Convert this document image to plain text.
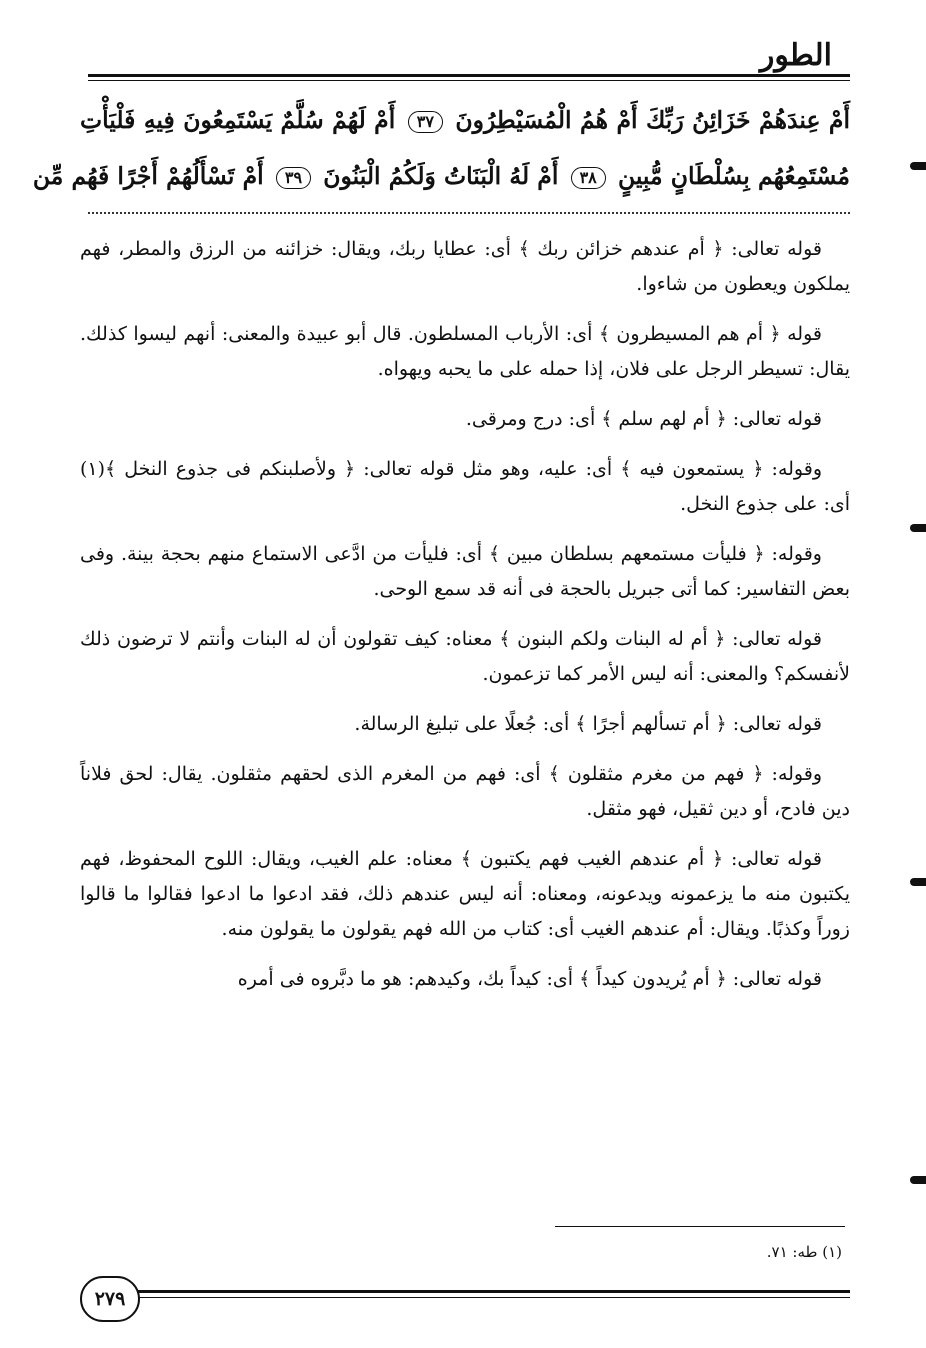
الطور
أَمْ عِندَهُمْ خَزَائِنُ رَبِّكَ أَمْ هُمُ الْمُسَيْطِرُونَ ٣٧ أَمْ لَهُمْ سُلَّمٌ يَسْتَمِعُونَ فِيهِ فَلْيَأْتِ
مُسْتَمِعُهُم بِسُلْطَانٍ مُّبِينٍ ٣٨ أَمْ لَهُ الْبَنَاتُ وَلَكُمُ الْبَنُونَ ٣٩ أَمْ تَسْأَلُهُمْ أَجْرًا فَهُم مِّن

قوله تعالى: ﴿ أم عندهم خزائن ربك ﴾ أى: عطايا ربك، ويقال: خزائنه من الرزق والمطر، فهم يملكون ويعطون من شاءوا.

قوله ﴿ أم هم المسيطرون ﴾ أى: الأرباب المسلطون. قال أبو عبيدة والمعنى: أنهم ليسوا كذلك. يقال: تسيطر الرجل على فلان، إذا حمله على ما يحبه ويهواه.

قوله تعالى: ﴿ أم لهم سلم ﴾ أى: درج ومرقى.

وقوله: ﴿ يستمعون فيه ﴾ أى: عليه، وهو مثل قوله تعالى: ﴿ ولأصلبنكم فى جذوع النخل ﴾(١) أى: على جذوع النخل.

وقوله: ﴿ فليأت مستمعهم بسلطان مبين ﴾ أى: فليأت من ادَّعى الاستماع منهم بحجة بينة. وفى بعض التفاسير: كما أتى جبريل بالحجة فى أنه قد سمع الوحى.

قوله تعالى: ﴿ أم له البنات ولكم البنون ﴾ معناه: كيف تقولون أن له البنات وأنتم لا ترضون ذلك لأنفسكم؟ والمعنى: أنه ليس الأمر كما تزعمون.

قوله تعالى: ﴿ أم تسألهم أجرًا ﴾ أى: جُعلًا على تبليغ الرسالة.

وقوله: ﴿ فهم من مغرم مثقلون ﴾ أى: فهم من المغرم الذى لحقهم مثقلون. يقال: لحق فلاناً دين فادح، أو دين ثقيل، فهو مثقل.

قوله تعالى: ﴿ أم عندهم الغيب فهم يكتبون ﴾ معناه: علم الغيب، ويقال: اللوح المحفوظ، فهم يكتبون منه ما يزعمونه ويدعونه، ومعناه: أنه ليس عندهم ذلك، فقد ادعوا ما ادعوا فقالوا ما قالوا زوراً وكذبًا. ويقال: أم عندهم الغيب أى: كتاب من الله فهم يقولون ما يقولون منه.

قوله تعالى: ﴿ أم يُريدون كيداً ﴾ أى: كيداً بك، وكيدهم: هو ما دبَّروه فى أمره

(١) طه: ٧١.
٢٧٩
